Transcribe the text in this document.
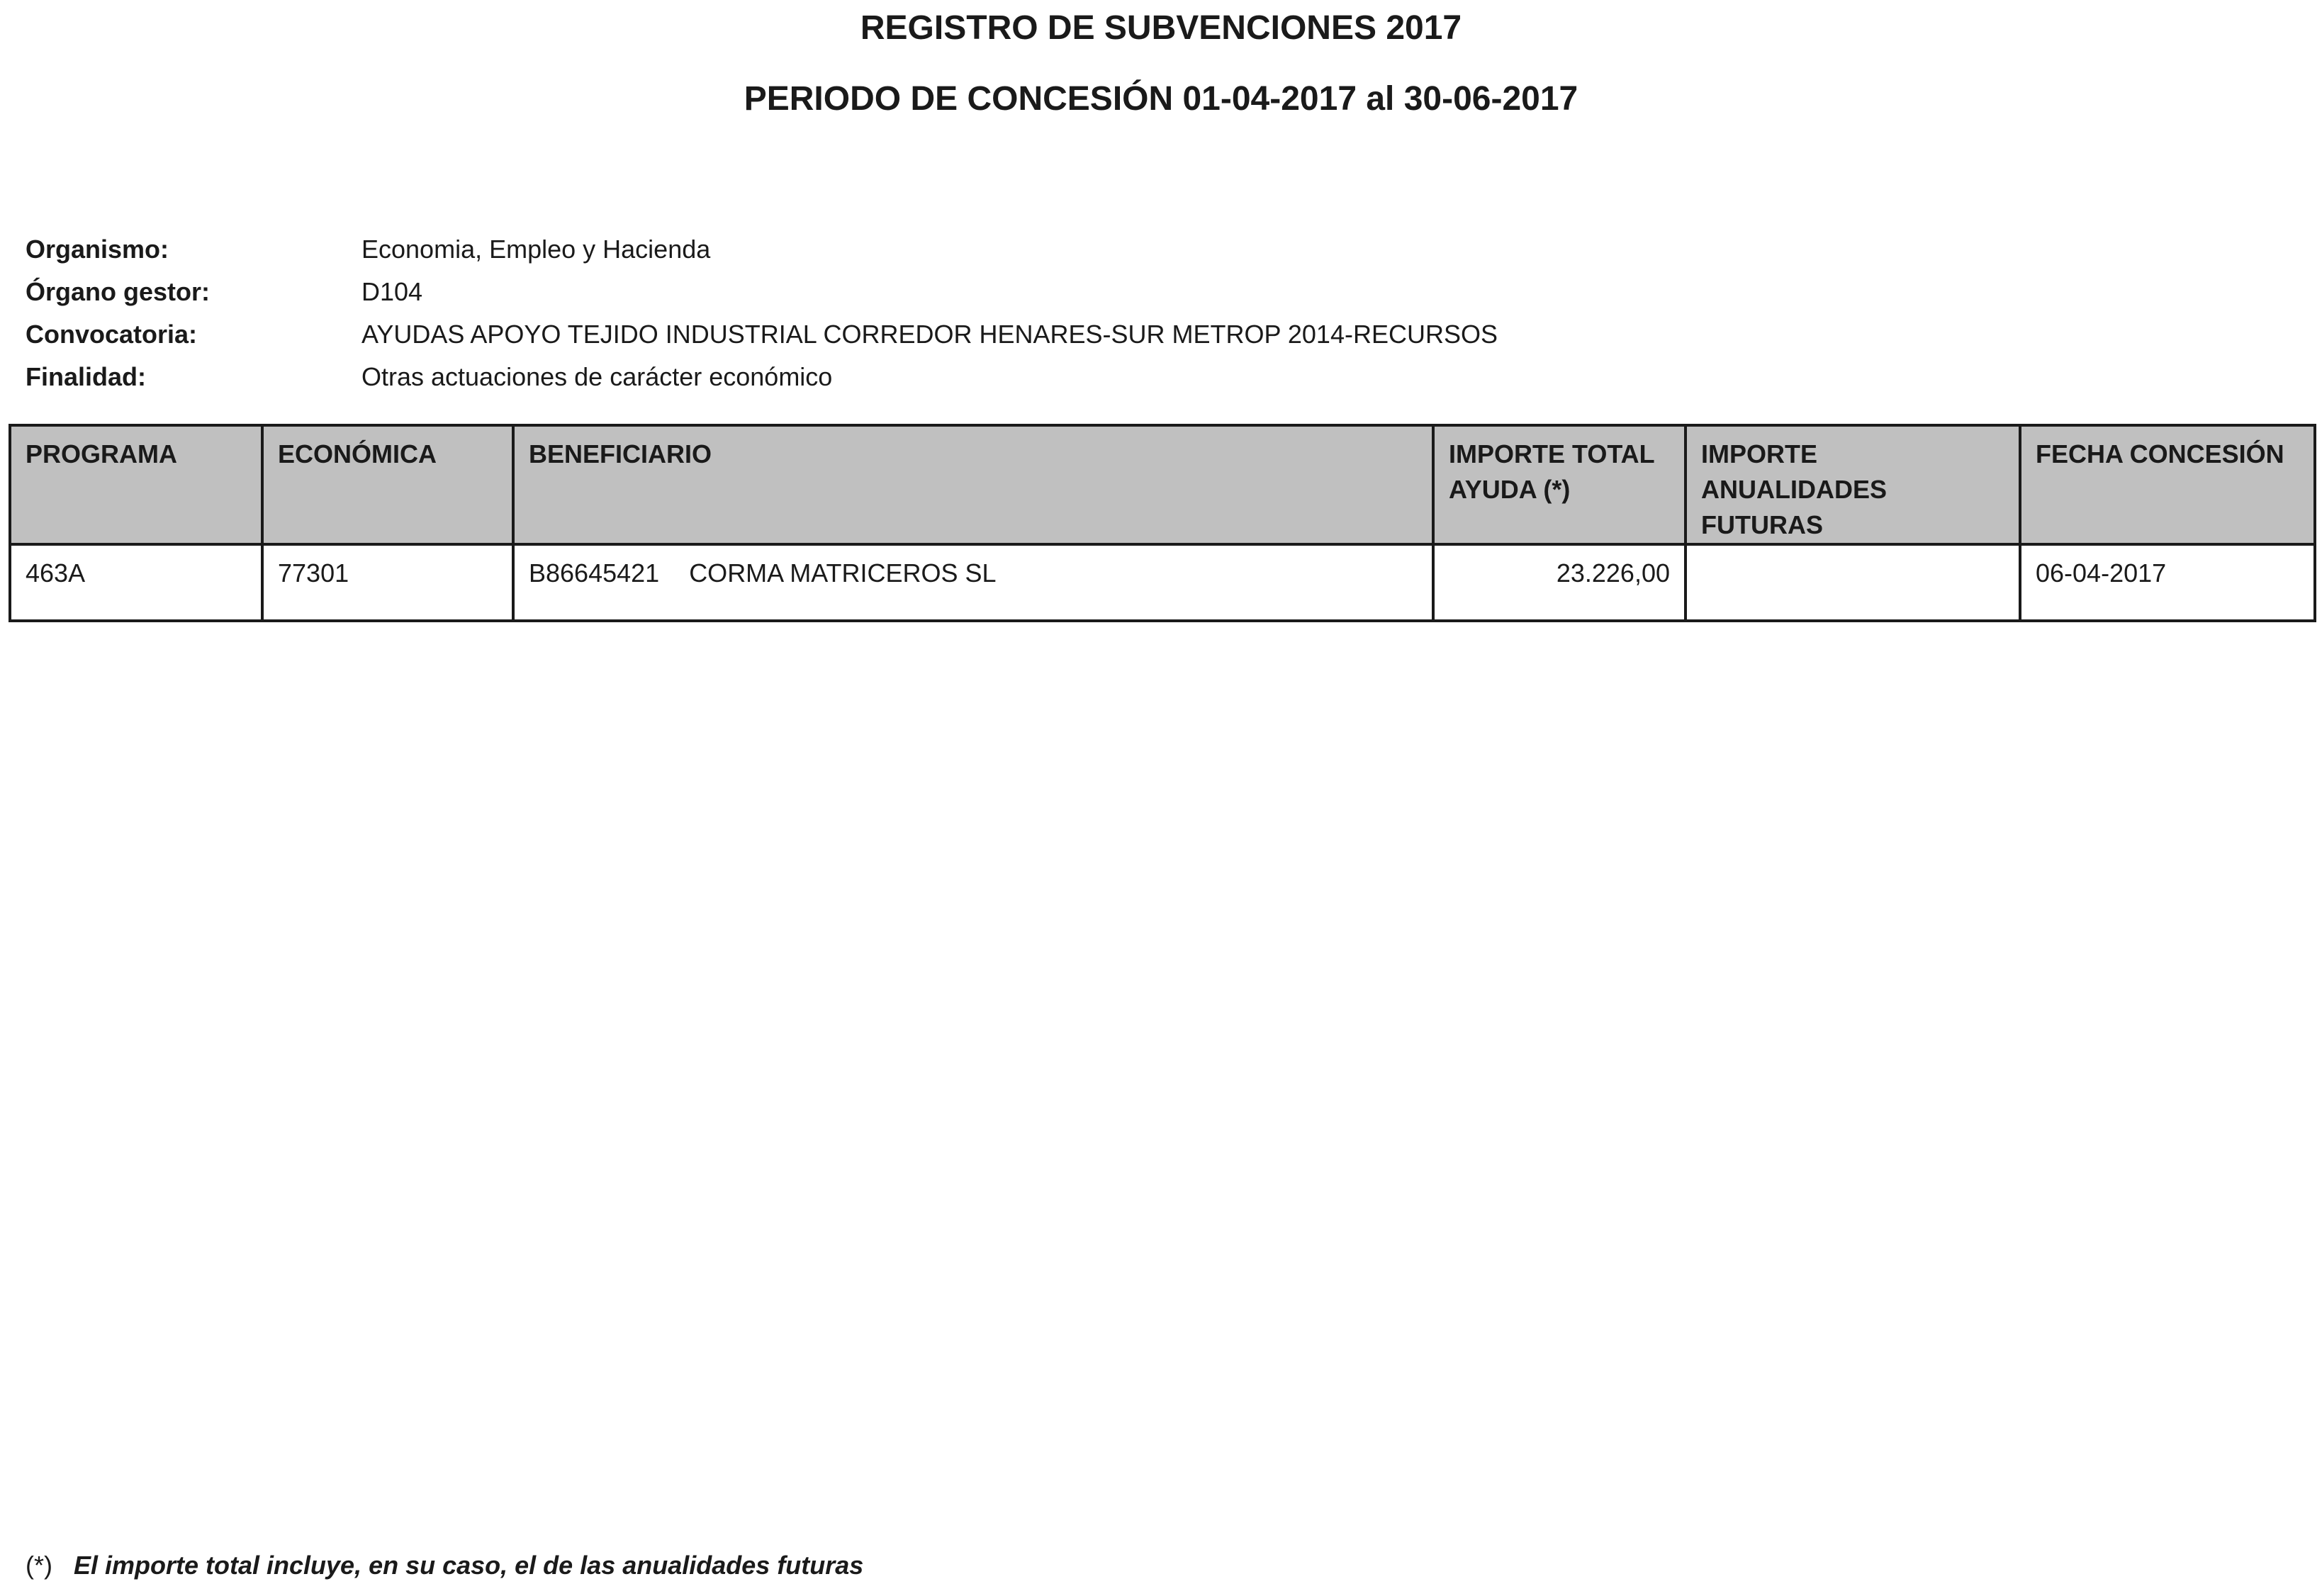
REGISTRO DE SUBVENCIONES 2017
PERIODO DE CONCESIÓN 01-04-2017 al 30-06-2017
Organismo:	Economia, Empleo y Hacienda
Órgano gestor:	D104
Convocatoria:	AYUDAS APOYO TEJIDO INDUSTRIAL CORREDOR HENARES-SUR METROP 2014-RECURSOS
Finalidad:	Otras actuaciones de carácter económico
PROGRAMA	ECONÓMICA	BENEFICIARIO	IMPORTE TOTAL AYUDA (*)	IMPORTE ANUALIDADES FUTURAS	FECHA CONCESIÓN
463A	77301	B86645421 CORMA MATRICEROS SL	23.226,00		06-04-2017
(*) El importe total incluye, en su caso, el de las anualidades futuras
